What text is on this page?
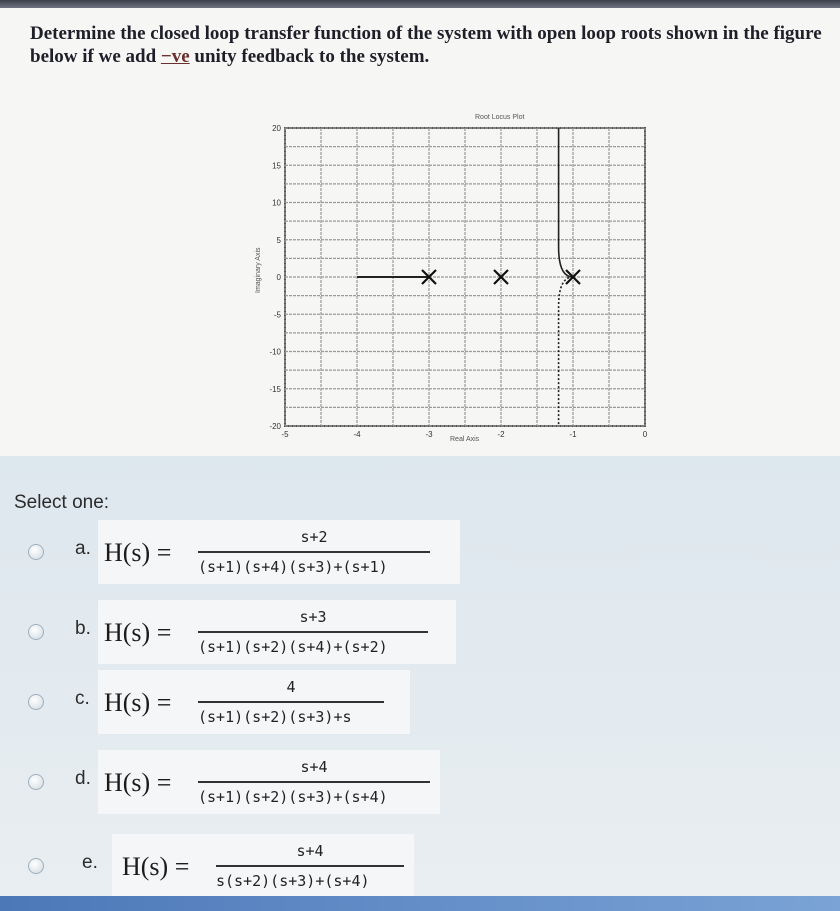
Determine the closed loop transfer function of the system with open loop roots shown in the figure below if we add −ve unity feedback to the system.
Root Locus Plot
Imaginary Axis
Real Axis
20
15
10
5
0
-5
-10
-15
-20
-5	-4	-3	-2	-1	0
Select one:
a. H(s) =
s+2
(s+1)(s+4)(s+3)+(s+1)
b. H(s) =
s+3
(s+1)(s+2)(s+4)+(s+2)
c. H(s) =
4
(s+1)(s+2)(s+3)+s
d. H(s) =
s+4
(s+1)(s+2)(s+3)+(s+4)
e. H(s) =
s+4
s(s+2)(s+3)+(s+4)
